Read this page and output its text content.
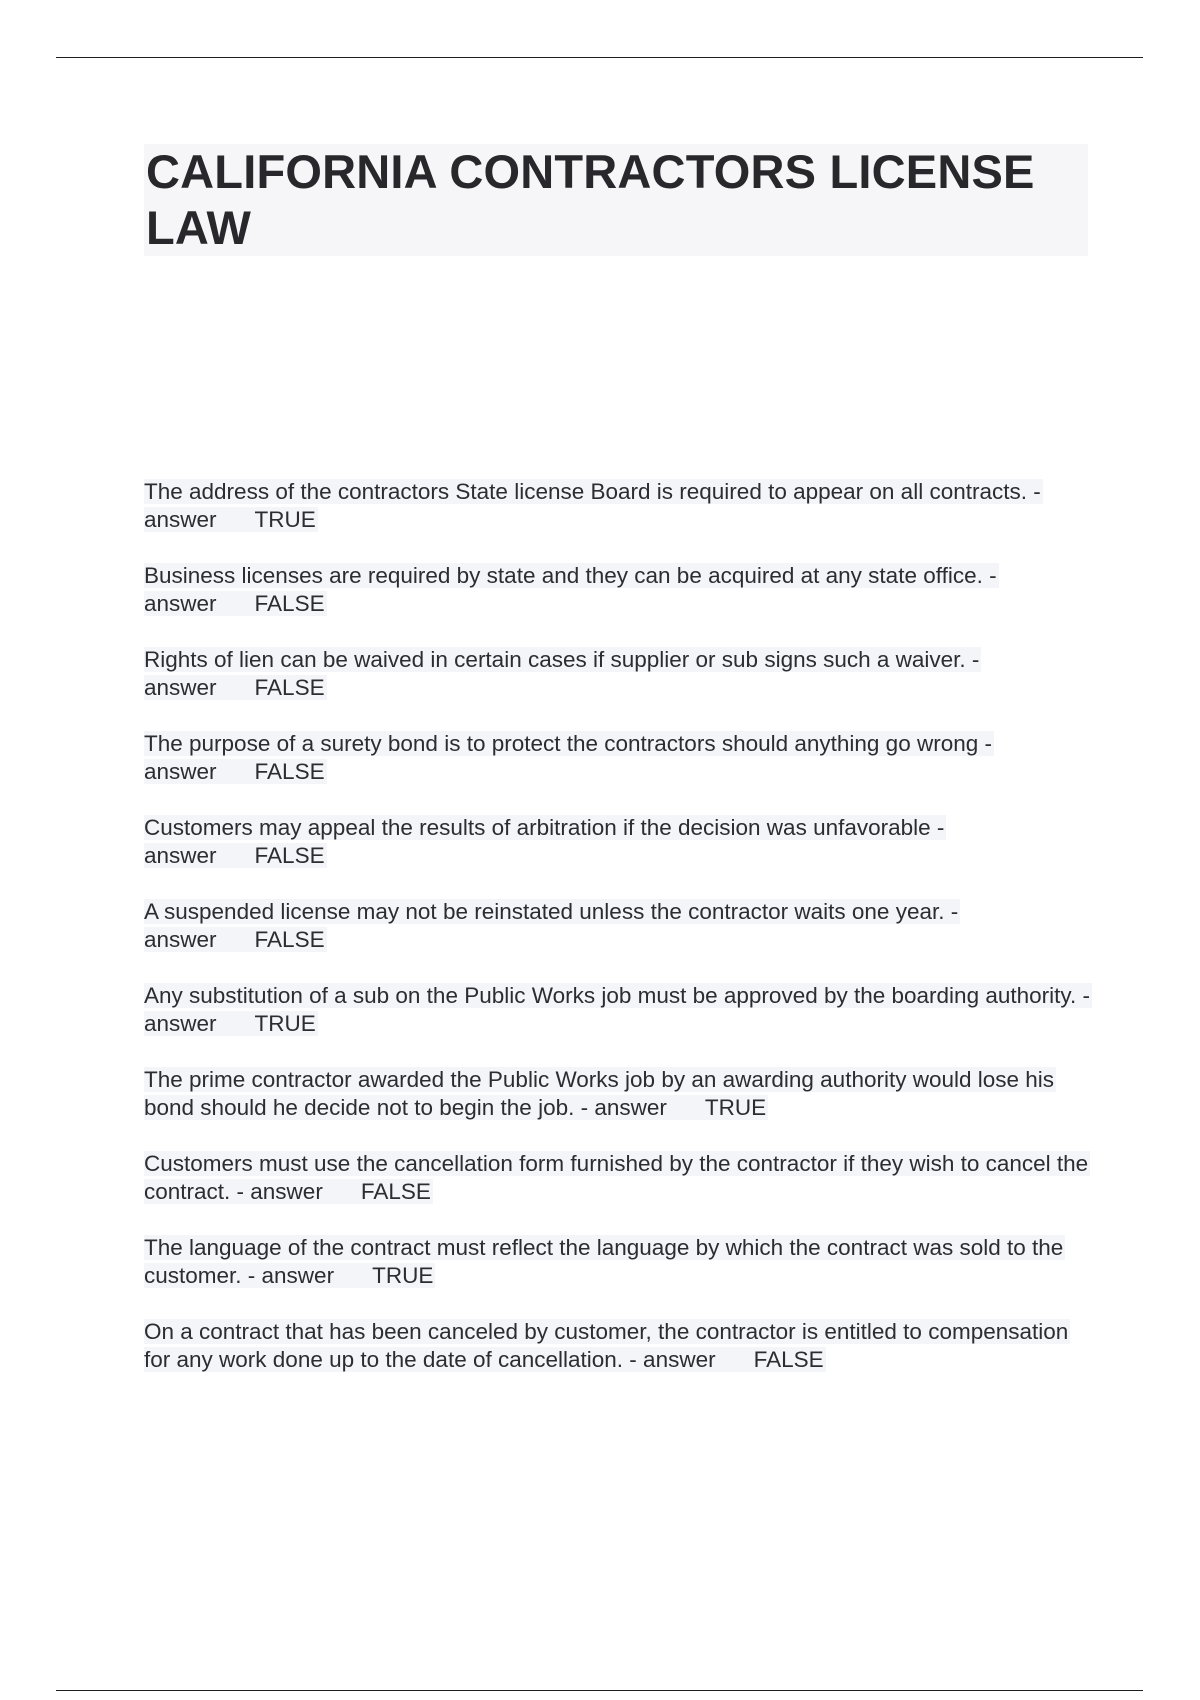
CALIFORNIA CONTRACTORS LICENSE LAW
The address of the contractors State license Board is required to appear on all contracts. - answer TRUE
Business licenses are required by state and they can be acquired at any state office. - answer FALSE
Rights of lien can be waived in certain cases if supplier or sub signs such a waiver. - answer FALSE
The purpose of a surety bond is to protect the contractors should anything go wrong - answer FALSE
Customers may appeal the results of arbitration if the decision was unfavorable - answer FALSE
A suspended license may not be reinstated unless the contractor waits one year. - answer FALSE
Any substitution of a sub on the Public Works job must be approved by the boarding authority. - answer TRUE
The prime contractor awarded the Public Works job by an awarding authority would lose his bond should he decide not to begin the job. - answer TRUE
Customers must use the cancellation form furnished by the contractor if they wish to cancel the contract. - answer FALSE
The language of the contract must reflect the language by which the contract was sold to the customer. - answer TRUE
On a contract that has been canceled by customer, the contractor is entitled to compensation for any work done up to the date of cancellation. - answer FALSE
